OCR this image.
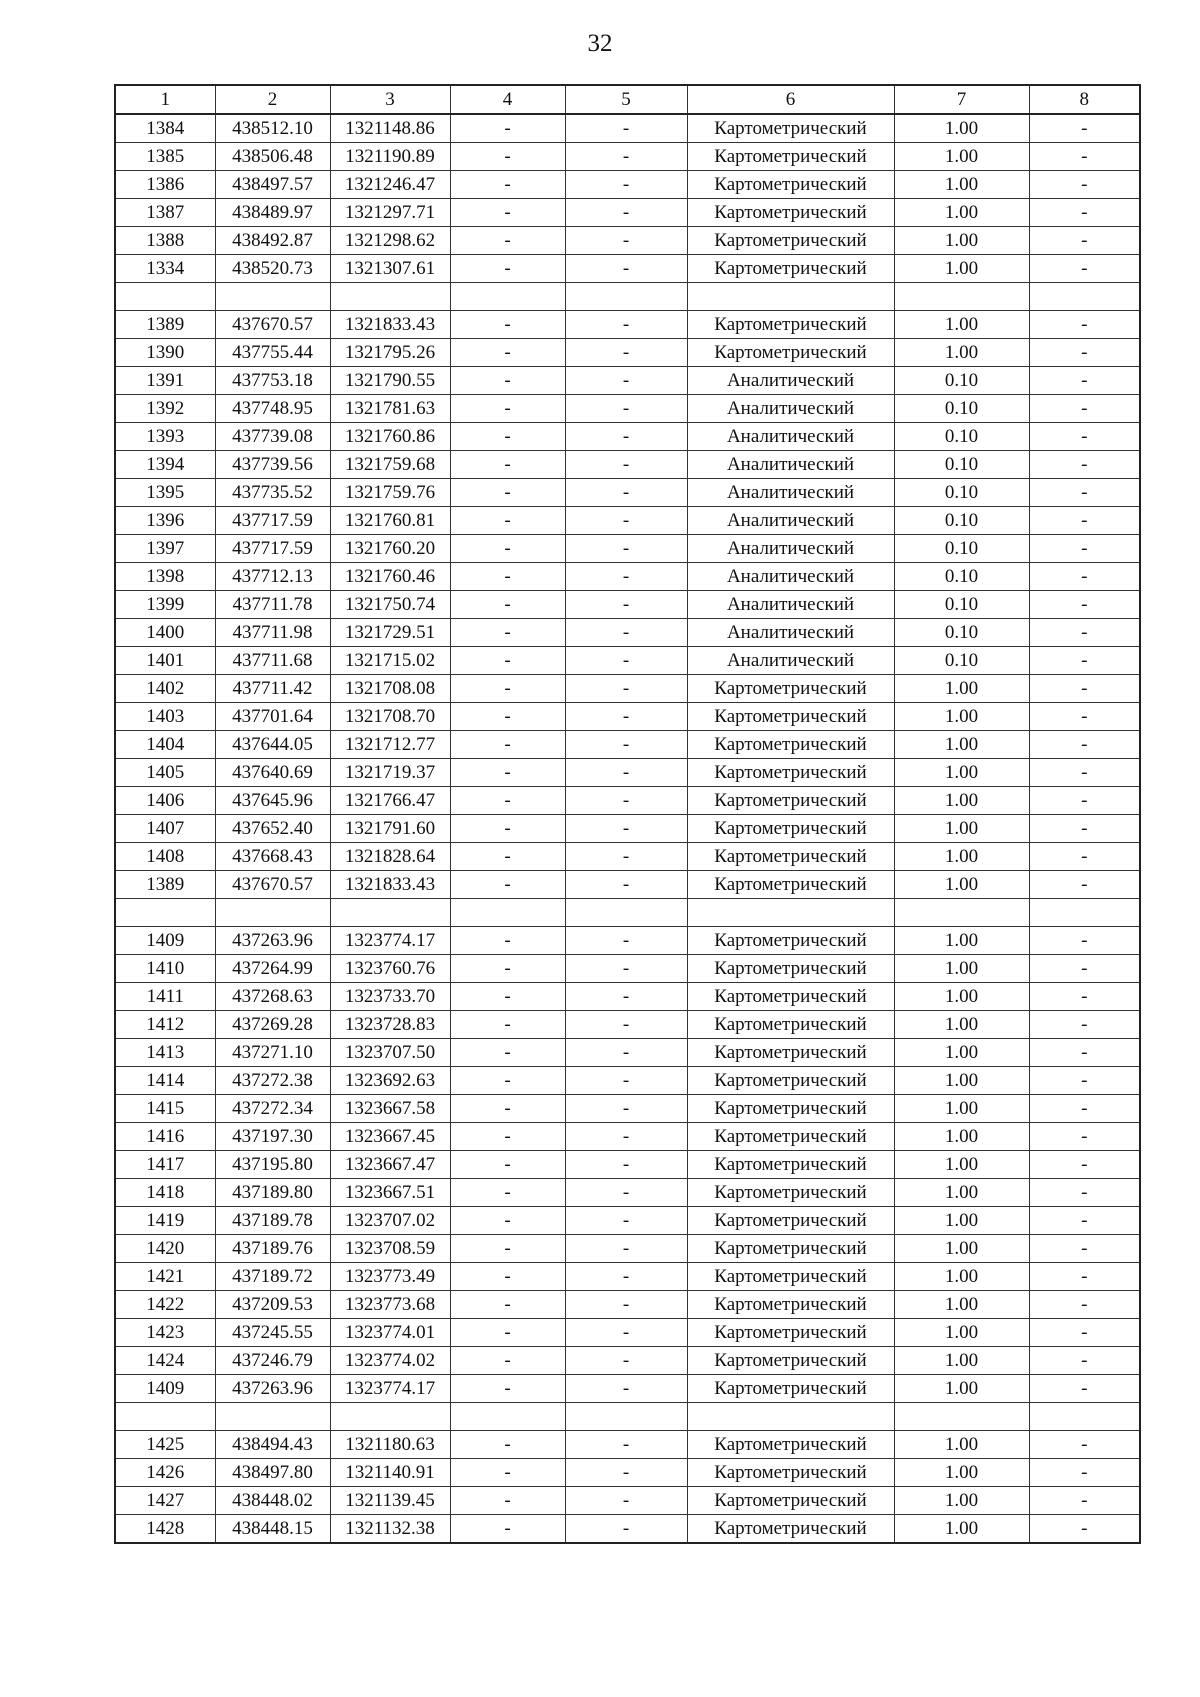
32
1	2	3	4	5	6	7	8
1384	438512.10	1321148.86	-	-	Картометрический	1.00	-
1385	438506.48	1321190.89	-	-	Картометрический	1.00	-
1386	438497.57	1321246.47	-	-	Картометрический	1.00	-
1387	438489.97	1321297.71	-	-	Картометрический	1.00	-
1388	438492.87	1321298.62	-	-	Картометрический	1.00	-
1334	438520.73	1321307.61	-	-	Картометрический	1.00	-

1389	437670.57	1321833.43	-	-	Картометрический	1.00	-
1390	437755.44	1321795.26	-	-	Картометрический	1.00	-
1391	437753.18	1321790.55	-	-	Аналитический	0.10	-
1392	437748.95	1321781.63	-	-	Аналитический	0.10	-
1393	437739.08	1321760.86	-	-	Аналитический	0.10	-
1394	437739.56	1321759.68	-	-	Аналитический	0.10	-
1395	437735.52	1321759.76	-	-	Аналитический	0.10	-
1396	437717.59	1321760.81	-	-	Аналитический	0.10	-
1397	437717.59	1321760.20	-	-	Аналитический	0.10	-
1398	437712.13	1321760.46	-	-	Аналитический	0.10	-
1399	437711.78	1321750.74	-	-	Аналитический	0.10	-
1400	437711.98	1321729.51	-	-	Аналитический	0.10	-
1401	437711.68	1321715.02	-	-	Аналитический	0.10	-
1402	437711.42	1321708.08	-	-	Картометрический	1.00	-
1403	437701.64	1321708.70	-	-	Картометрический	1.00	-
1404	437644.05	1321712.77	-	-	Картометрический	1.00	-
1405	437640.69	1321719.37	-	-	Картометрический	1.00	-
1406	437645.96	1321766.47	-	-	Картометрический	1.00	-
1407	437652.40	1321791.60	-	-	Картометрический	1.00	-
1408	437668.43	1321828.64	-	-	Картометрический	1.00	-
1389	437670.57	1321833.43	-	-	Картометрический	1.00	-

1409	437263.96	1323774.17	-	-	Картометрический	1.00	-
1410	437264.99	1323760.76	-	-	Картометрический	1.00	-
1411	437268.63	1323733.70	-	-	Картометрический	1.00	-
1412	437269.28	1323728.83	-	-	Картометрический	1.00	-
1413	437271.10	1323707.50	-	-	Картометрический	1.00	-
1414	437272.38	1323692.63	-	-	Картометрический	1.00	-
1415	437272.34	1323667.58	-	-	Картометрический	1.00	-
1416	437197.30	1323667.45	-	-	Картометрический	1.00	-
1417	437195.80	1323667.47	-	-	Картометрический	1.00	-
1418	437189.80	1323667.51	-	-	Картометрический	1.00	-
1419	437189.78	1323707.02	-	-	Картометрический	1.00	-
1420	437189.76	1323708.59	-	-	Картометрический	1.00	-
1421	437189.72	1323773.49	-	-	Картометрический	1.00	-
1422	437209.53	1323773.68	-	-	Картометрический	1.00	-
1423	437245.55	1323774.01	-	-	Картометрический	1.00	-
1424	437246.79	1323774.02	-	-	Картометрический	1.00	-
1409	437263.96	1323774.17	-	-	Картометрический	1.00	-

1425	438494.43	1321180.63	-	-	Картометрический	1.00	-
1426	438497.80	1321140.91	-	-	Картометрический	1.00	-
1427	438448.02	1321139.45	-	-	Картометрический	1.00	-
1428	438448.15	1321132.38	-	-	Картометрический	1.00	-
